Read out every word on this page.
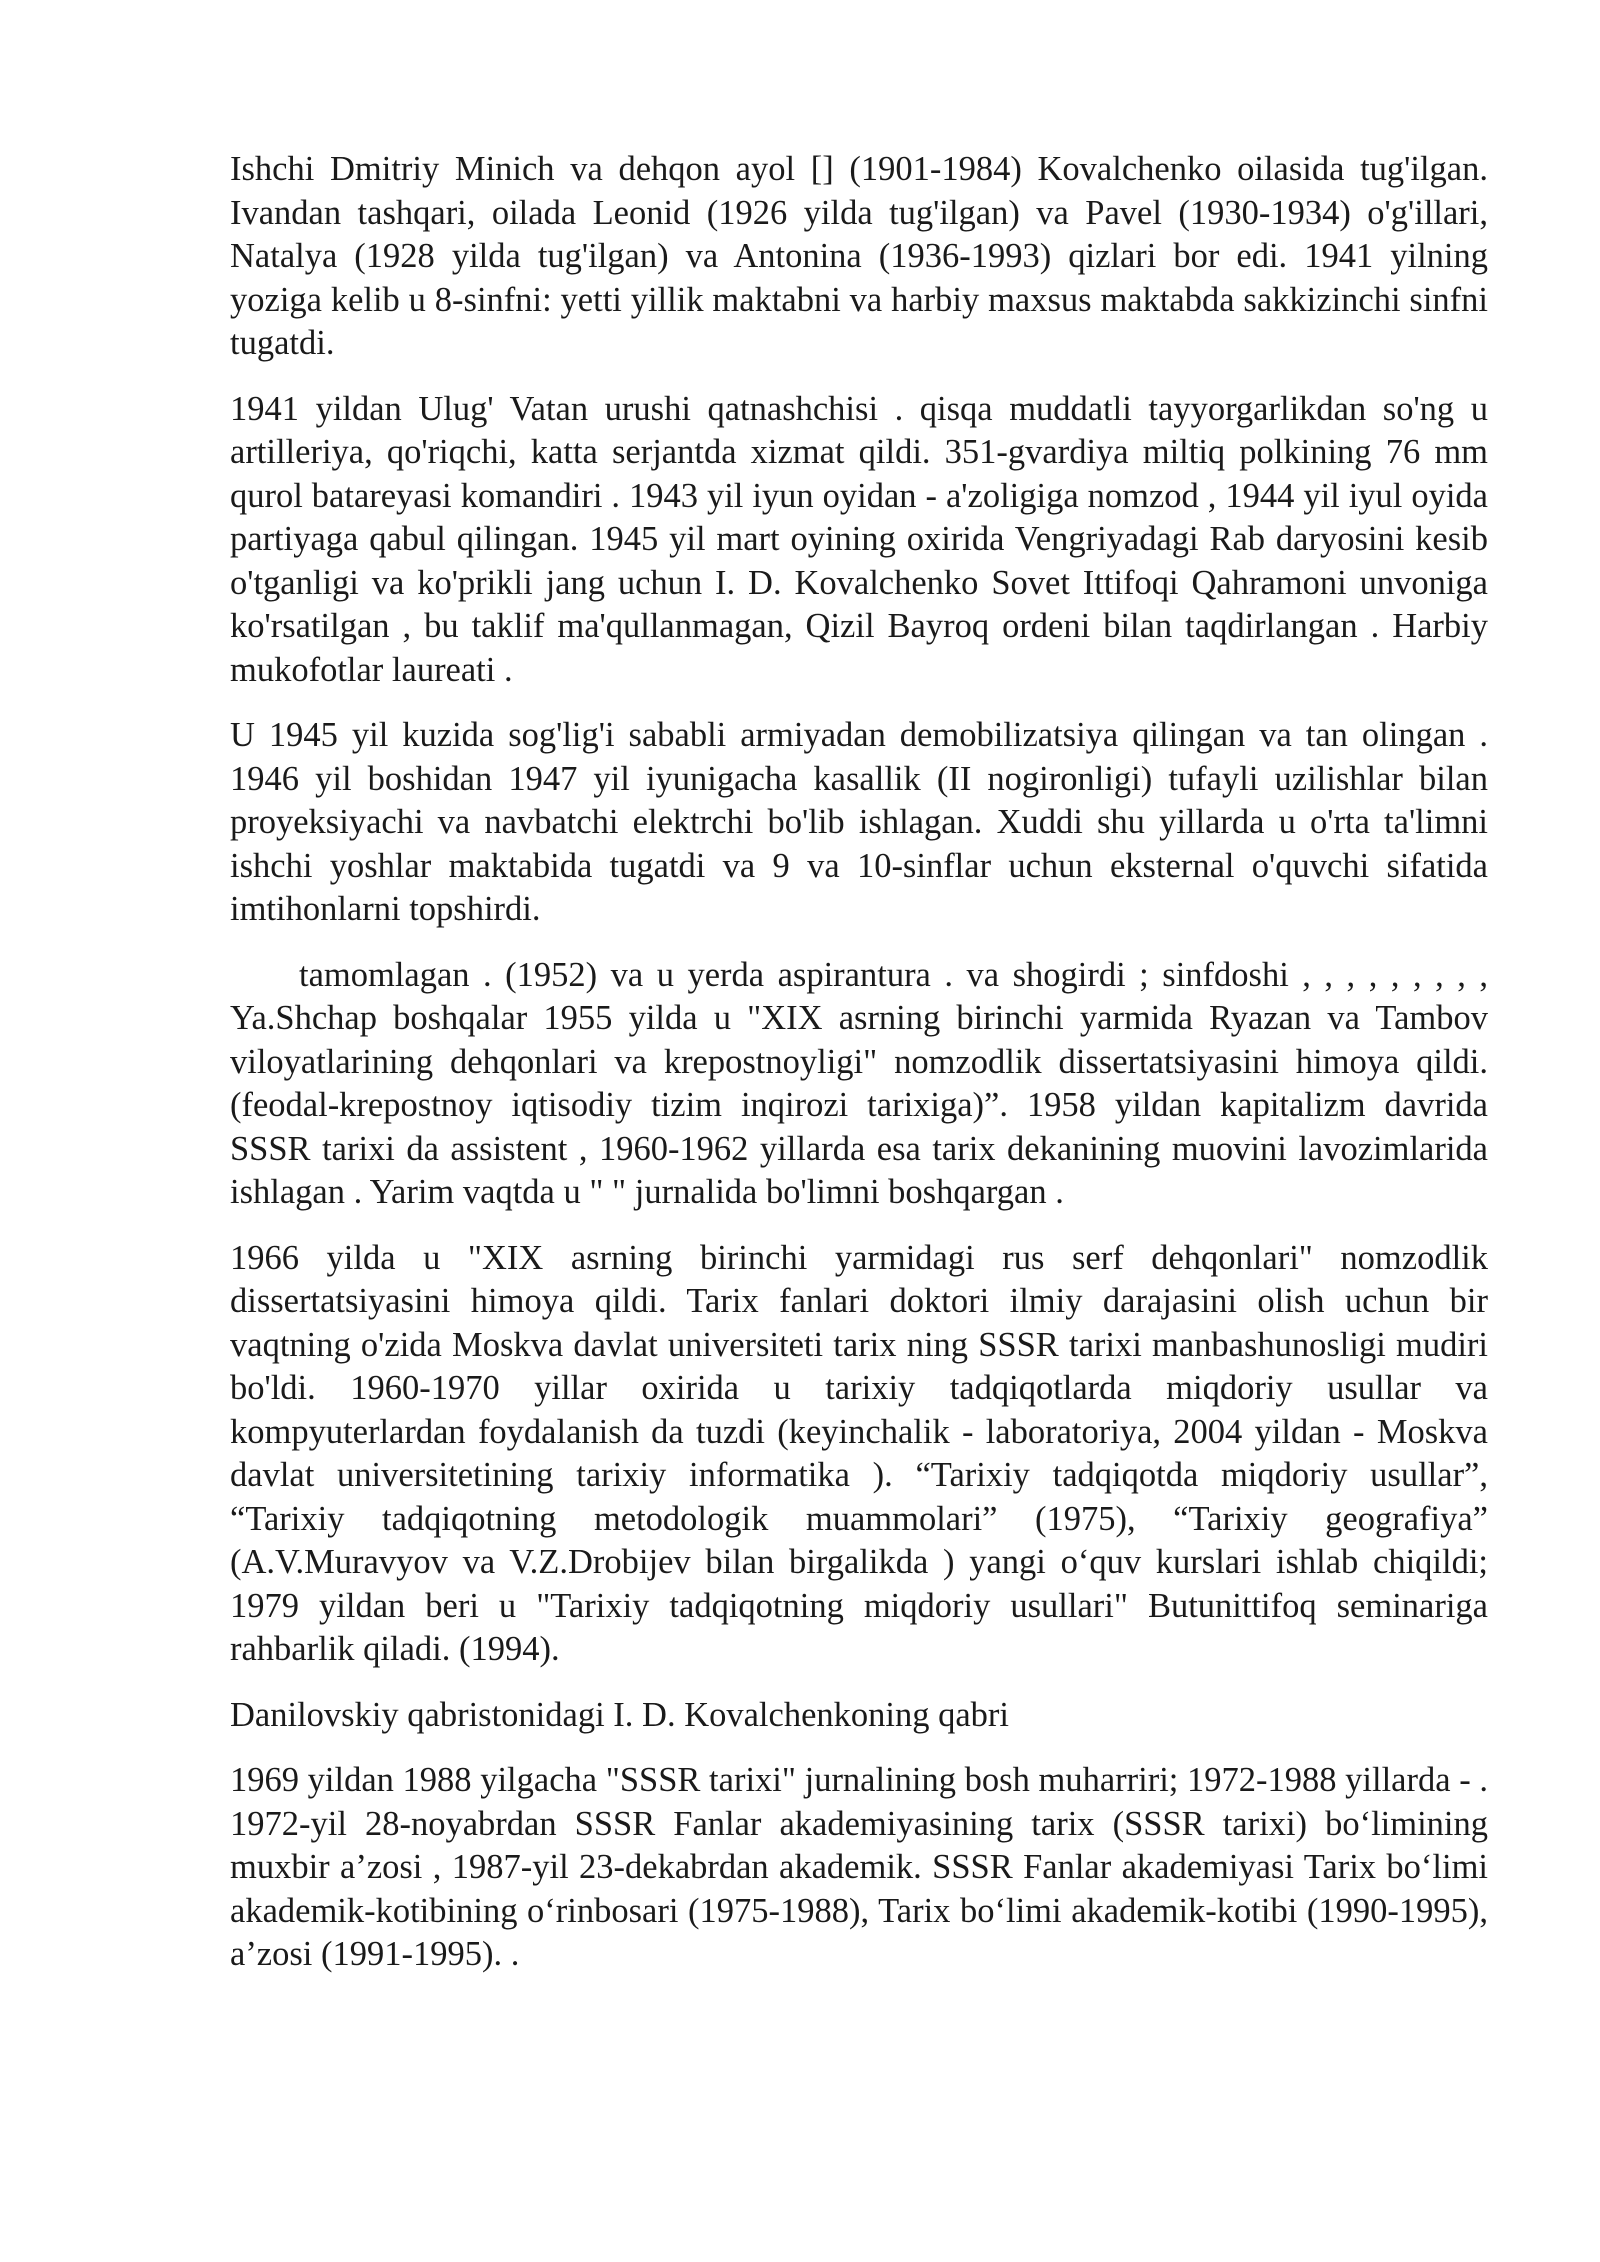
Ishchi Dmitriy Minich va dehqon ayol [] (1901-1984) Kovalchenko oilasida tug'ilgan. Ivandan tashqari, oilada Leonid (1926 yilda tug'ilgan) va Pavel (1930-1934) o'g'illari, Natalya (1928 yilda tug'ilgan) va Antonina (1936-1993) qizlari bor edi. 1941 yilning yoziga kelib u 8-sinfni: yetti yillik maktabni va harbiy maxsus maktabda sakkizinchi sinfni tugatdi.

1941 yildan Ulug' Vatan urushi qatnashchisi . qisqa muddatli tayyorgarlikdan so'ng u artilleriya, qo'riqchi, katta serjantda xizmat qildi. 351-gvardiya miltiq polkining 76 mm qurol batareyasi komandiri . 1943 yil iyun oyidan - a'zoligiga nomzod , 1944 yil iyul oyida partiyaga qabul qilingan. 1945 yil mart oyining oxirida Vengriyadagi Rab daryosini kesib o'tganligi va ko'prikli jang uchun I. D. Kovalchenko Sovet Ittifoqi Qahramoni unvoniga ko'rsatilgan , bu taklif ma'qullanmagan, Qizil Bayroq ordeni bilan taqdirlangan . Harbiy mukofotlar laureati .

U 1945 yil kuzida sog'lig'i sababli armiyadan demobilizatsiya qilingan va tan olingan . 1946 yil boshidan 1947 yil iyunigacha kasallik (II nogironligi) tufayli uzilishlar bilan proyeksiyachi va navbatchi elektrchi bo'lib ishlagan. Xuddi shu yillarda u o'rta ta'limni ishchi yoshlar maktabida tugatdi va 9 va 10-sinflar uchun eksternal o'quvchi sifatida imtihonlarni topshirdi.

  tamomlagan . (1952) va u yerda aspirantura . va shogirdi ; sinfdoshi , , , , , , , , , Ya.Shchap boshqalar 1955 yilda u "XIX asrning birinchi yarmida Ryazan va Tambov viloyatlarining dehqonlari va krepostnoyligi" nomzodlik dissertatsiyasini himoya qildi. (feodal-krepostnoy iqtisodiy tizim inqirozi tarixiga)”. 1958 yildan kapitalizm davrida SSSR tarixi da assistent , 1960-1962 yillarda esa tarix dekanining muovini lavozimlarida ishlagan . Yarim vaqtda u " " jurnalida bo'limni boshqargan .

1966 yilda u "XIX asrning birinchi yarmidagi rus serf dehqonlari" nomzodlik dissertatsiyasini himoya qildi. Tarix fanlari doktori ilmiy darajasini olish uchun bir vaqtning o'zida Moskva davlat universiteti tarix ning SSSR tarixi manbashunosligi mudiri bo'ldi. 1960-1970 yillar oxirida u tarixiy tadqiqotlarda miqdoriy usullar va kompyuterlardan foydalanish da tuzdi (keyinchalik - laboratoriya, 2004 yildan - Moskva davlat universitetining tarixiy informatika ). “Tarixiy tadqiqotda miqdoriy usullar”, “Tarixiy tadqiqotning metodologik muammolari” (1975), “Tarixiy geografiya” (A.V.Muravyov va V.Z.Drobijev bilan birgalikda ) yangi o‘quv kurslari ishlab chiqildi; 1979 yildan beri u "Tarixiy tadqiqotning miqdoriy usullari" Butunittifoq seminariga rahbarlik qiladi. (1994).

Danilovskiy qabristonidagi I. D. Kovalchenkoning qabri

1969 yildan 1988 yilgacha "SSSR tarixi" jurnalining bosh muharriri; 1972-1988 yillarda - . 1972-yil 28-noyabrdan SSSR Fanlar akademiyasining tarix (SSSR tarixi) bo‘limining muxbir a’zosi , 1987-yil 23-dekabrdan akademik. SSSR Fanlar akademiyasi Tarix bo‘limi akademik-kotibining o‘rinbosari (1975-1988), Tarix bo‘limi akademik-kotibi (1990-1995), a’zosi (1991-1995). .
